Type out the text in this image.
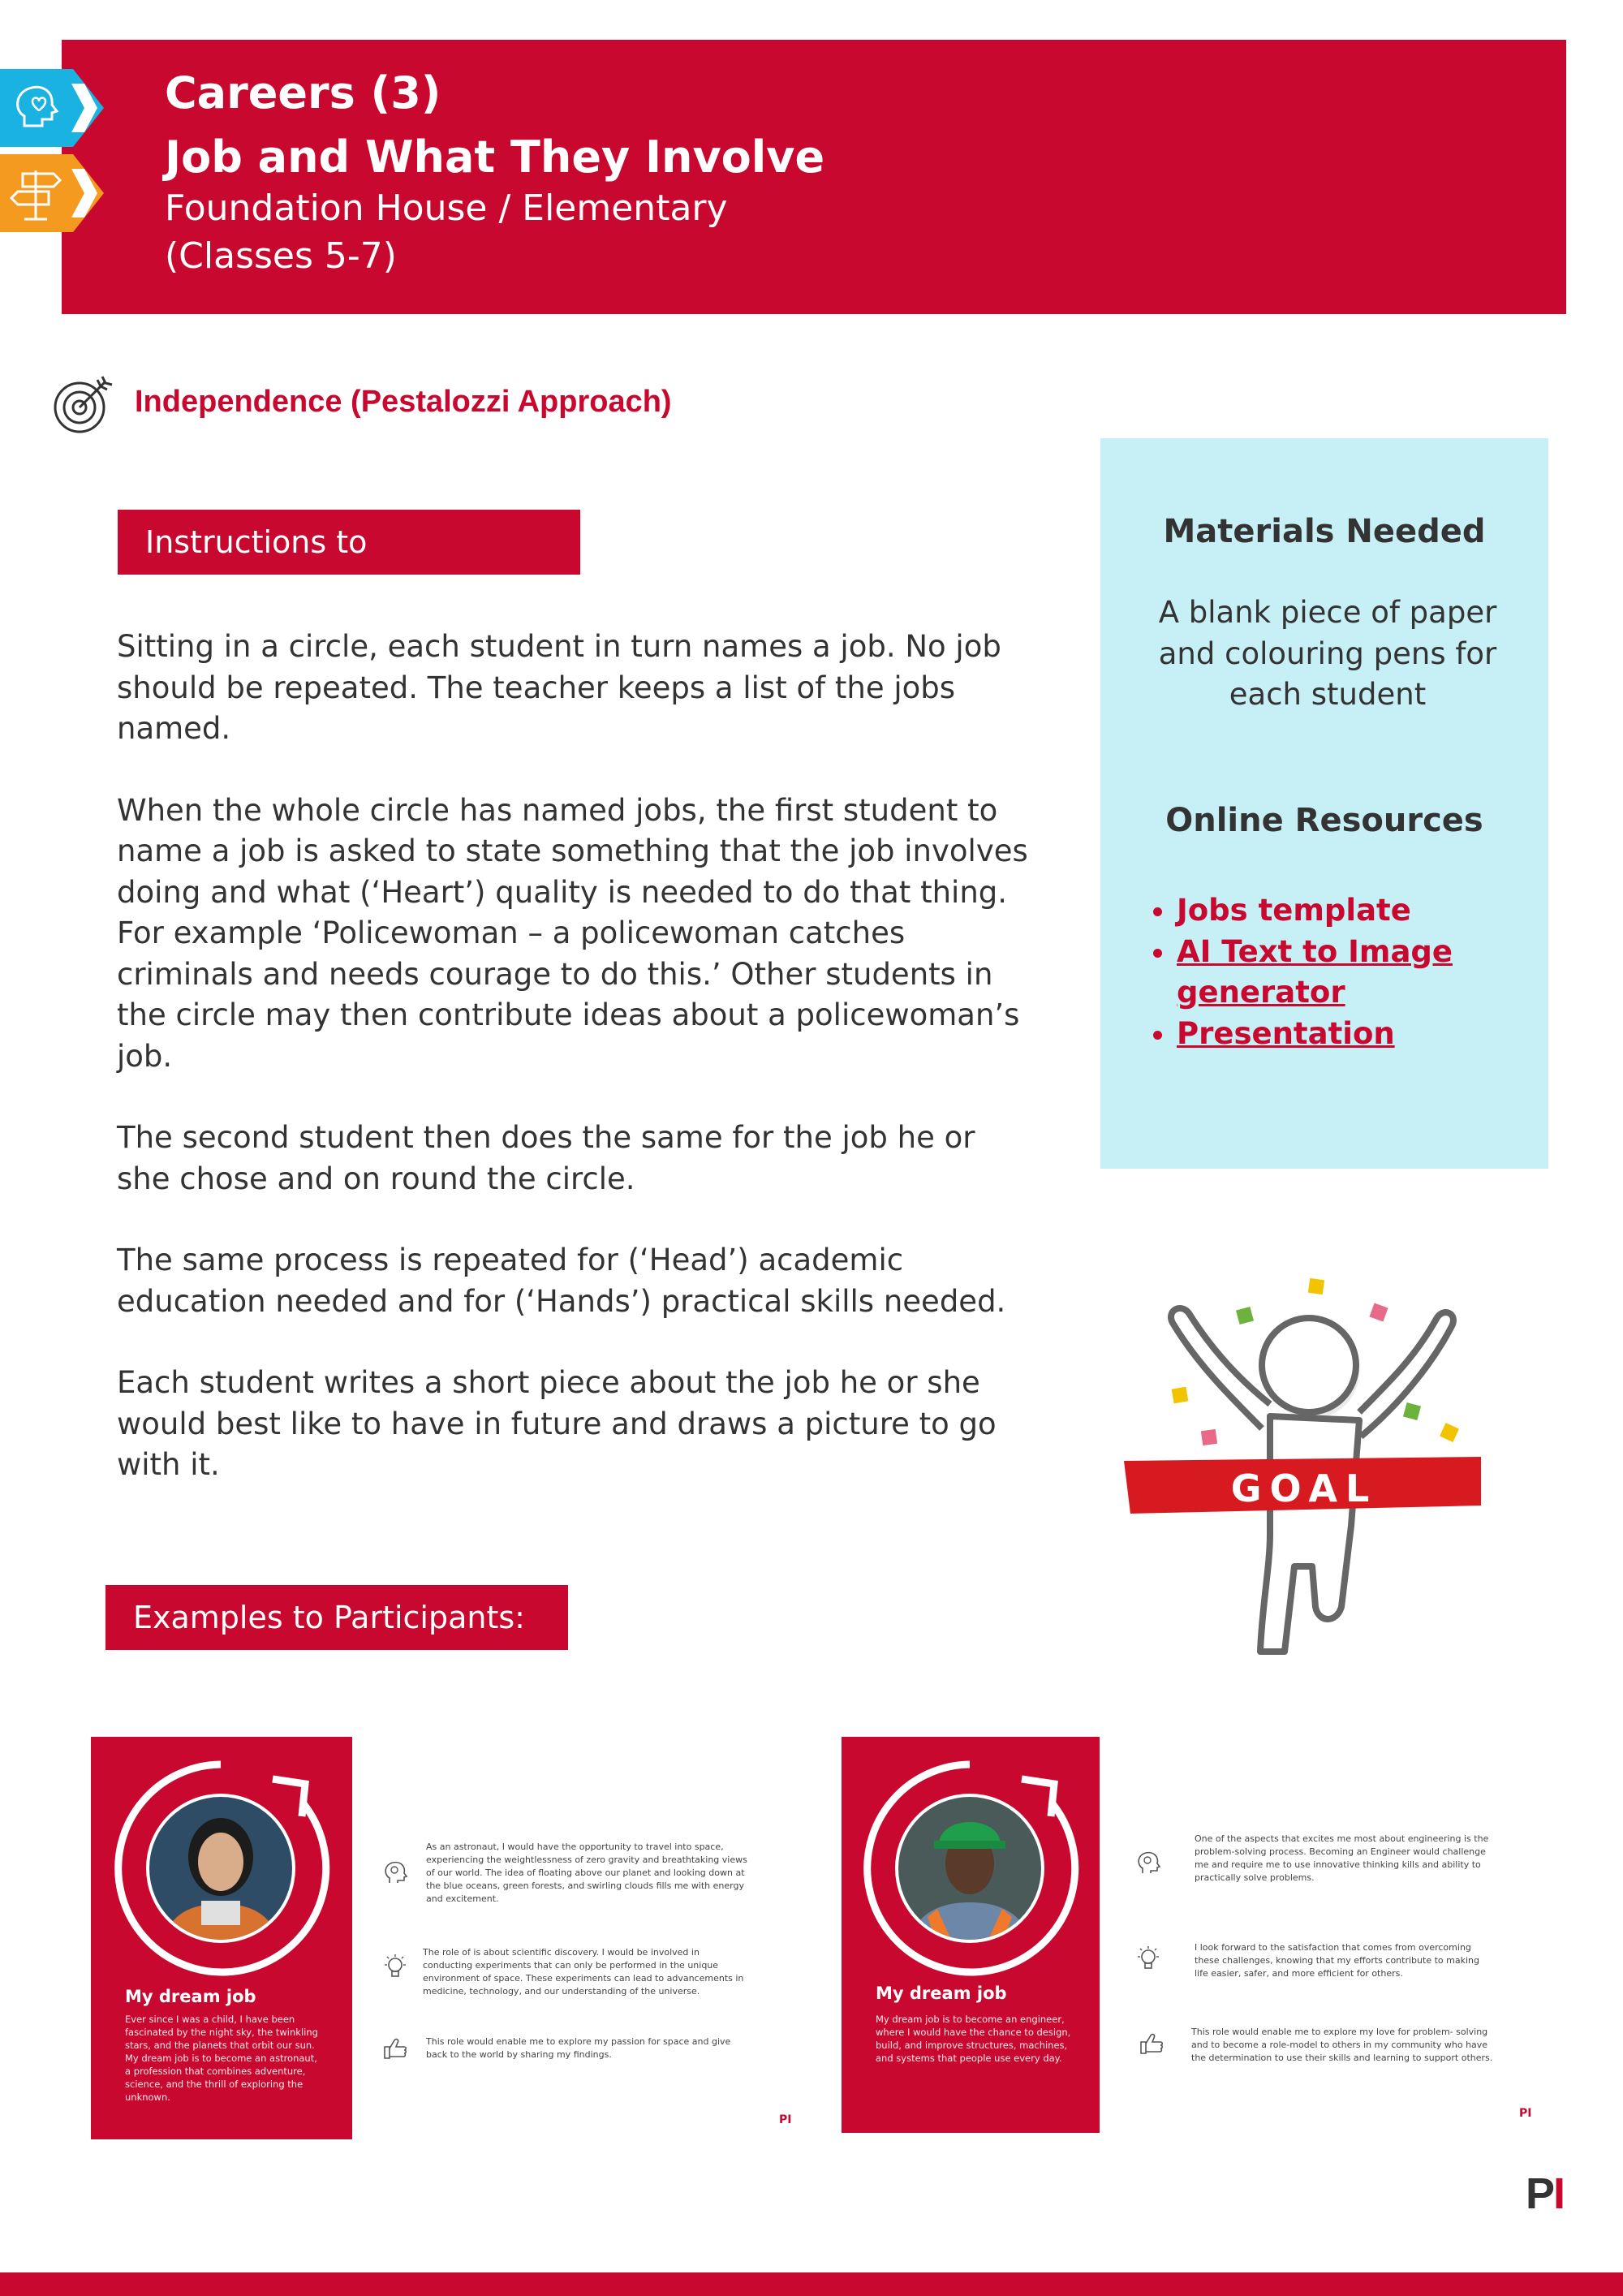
Careers (3)
Job and What They Involve
Foundation House / Elementary
(Classes 5-7)
Independence (Pestalozzi Approach)
Instructions to Participants:

Sitting in a circle, each student in turn names a job. No job should be repeated. The teacher keeps a list of the jobs named.

When the whole circle has named jobs, the first student to name a job is asked to state something that the job involves doing and what (‘Heart’) quality is needed to do that thing. For example ‘Policewoman – a policewoman catches criminals and needs courage to do this.’ Other students in the circle may then contribute ideas about a policewoman’s job.

The second student then does the same for the job he or she chose and on round the circle.

The same process is repeated for (‘Head’) academic education needed and for (‘Hands’) practical skills needed.

Each student writes a short piece about the job he or she would best like to have in future and draws a picture to go with it.

Materials Needed
A blank piece of paper and colouring pens for each student
Online Resources
• Jobs template
• AI Text to Image generator
• Presentation
GOAL
Examples to Participants:
My dream job
Ever since I was a child, I have been fascinated by the night sky, the twinkling stars, and the planets that orbit our sun. My dream job is to become an astronaut, a profession that combines adventure, science, and the thrill of exploring the unknown.
As an astronaut, I would have the opportunity to travel into space, experiencing the weightlessness of zero gravity and breathtaking views of our world. The idea of floating above our planet and looking down at the blue oceans, green forests, and swirling clouds fills me with energy and excitement.
The role of is about scientific discovery. I would be involved in conducting experiments that can only be performed in the unique environment of space. These experiments can lead to advancements in medicine, technology, and our understanding of the universe.
This role would enable me to explore my passion for space and give back to the world by sharing my findings.
PI
My dream job
My dream job is to become an engineer, where I would have the chance to design, build, and improve structures, machines, and systems that people use every day.
One of the aspects that excites me most about engineering is the problem-solving process. Becoming an Engineer would challenge me and require me to use innovative thinking kills and ability to practically solve problems.
I look forward to the satisfaction that comes from overcoming these challenges, knowing that my efforts contribute to making life easier, safer, and more efficient for others.
This role would enable me to explore my love for problem- solving and to become a role-model to others in my community who have the determination to use their skills and learning to support others.
PI
PI
